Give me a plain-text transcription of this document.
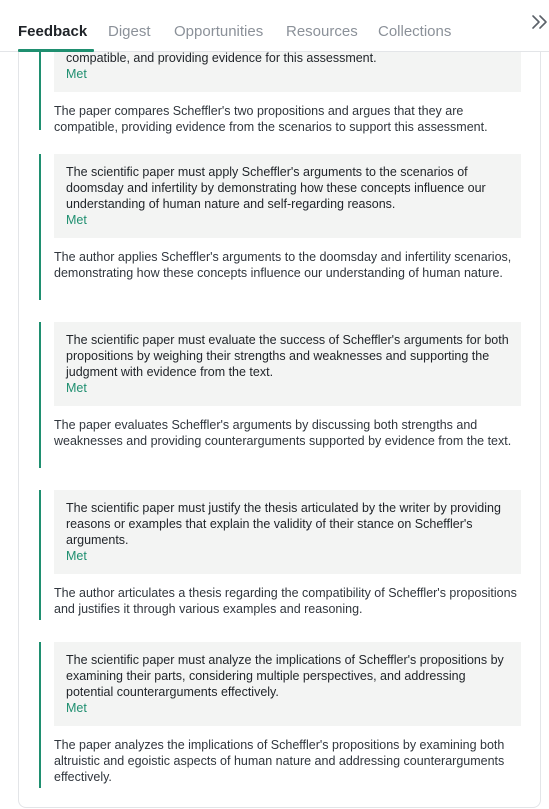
Feedback Digest Opportunities Resources Collections

compatible, and providing evidence for this assessment.

Met

The paper compares Scheffler's two propositions and argues that they are compatible, providing evidence from the scenarios to support this assessment.

The scientific paper must apply Scheffler's arguments to the scenarios of doomsday and infertility by demonstrating how these concepts influence our understanding of human nature and self-regarding reasons.

Met

The author applies Scheffler's arguments to the doomsday and infertility scenarios, demonstrating how these concepts influence our understanding of human nature.

The scientific paper must evaluate the success of Scheffler's arguments for both propositions by weighing their strengths and weaknesses and supporting the judgment with evidence from the text.

Met

The paper evaluates Scheffler's arguments by discussing both strengths and weaknesses and providing counterarguments supported by evidence from the text.

The scientific paper must justify the thesis articulated by the writer by providing reasons or examples that explain the validity of their stance on Scheffler's arguments.

Met

The author articulates a thesis regarding the compatibility of Scheffler's propositions and justifies it through various examples and reasoning.

The scientific paper must analyze the implications of Scheffler's propositions by examining their parts, considering multiple perspectives, and addressing potential counterarguments effectively.

Met

The paper analyzes the implications of Scheffler's propositions by examining both altruistic and egoistic aspects of human nature and addressing counterarguments effectively.
